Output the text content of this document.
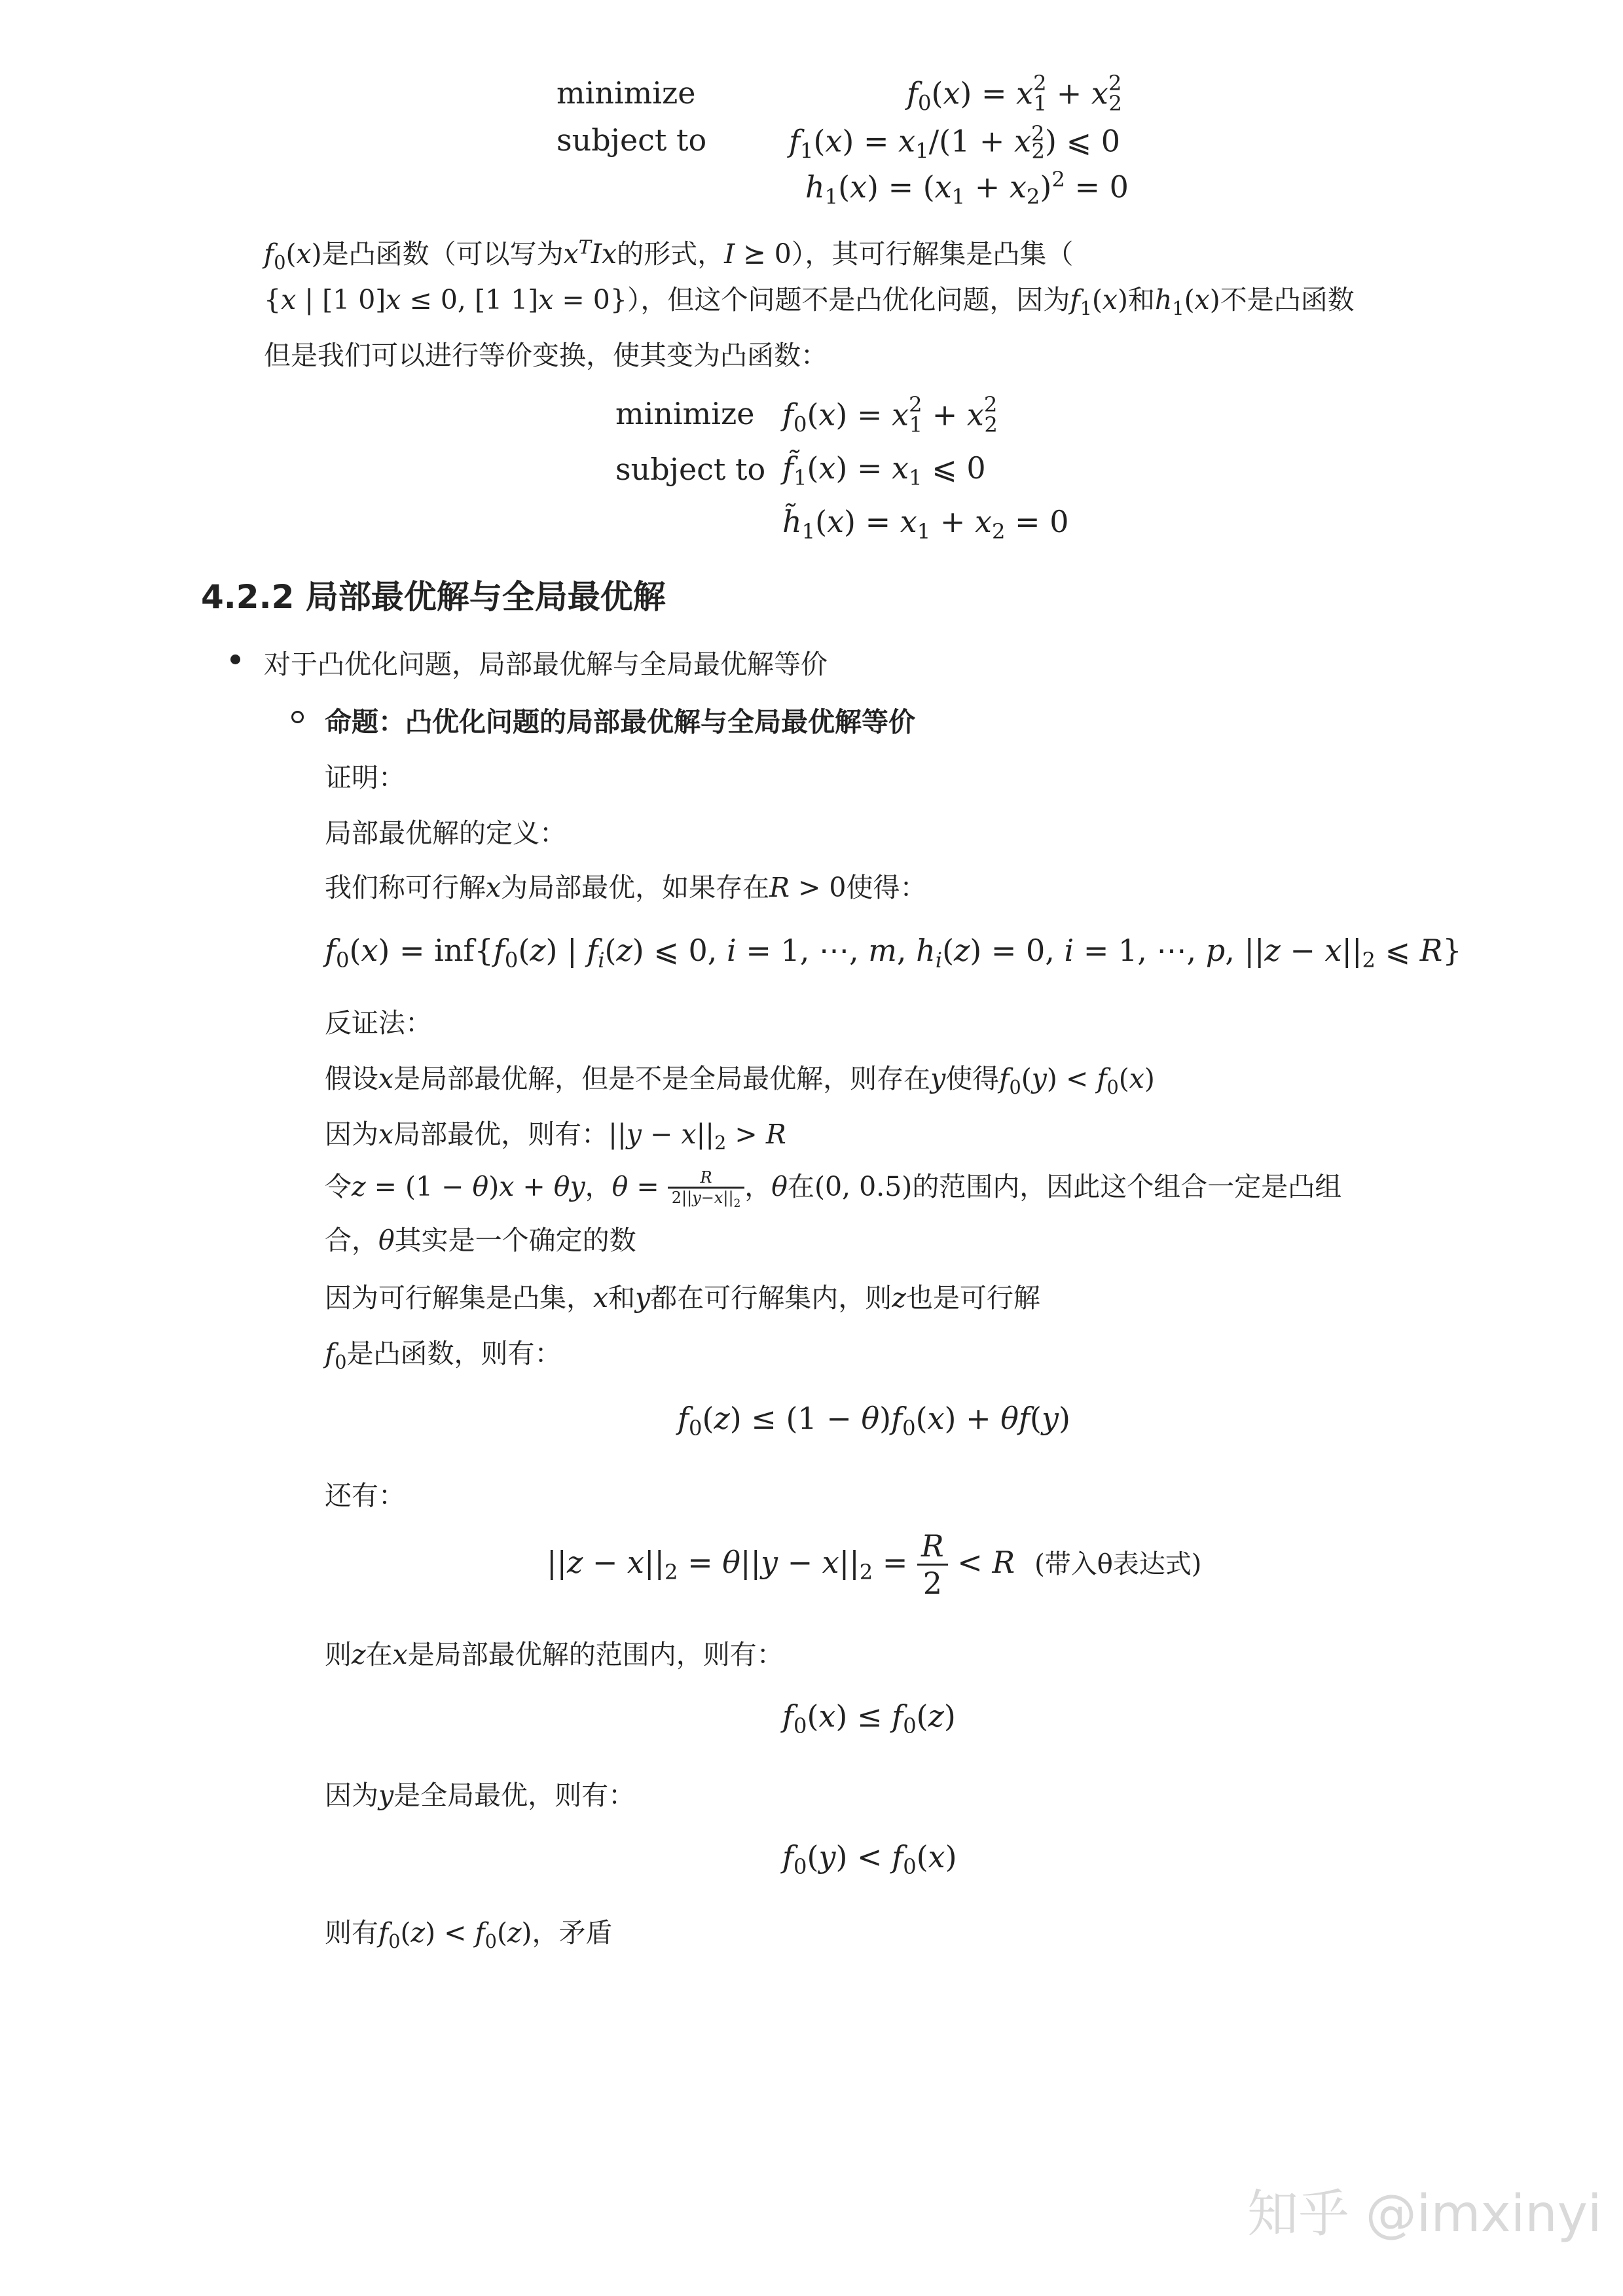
minimize
subject to
$f_0(x) = x^2_1 + x^2_2$
$f_1(x) = x_1/(1 + x^2_2)$ ⩽ 0
$h_1(x) = (x_1 + x_2)^2 = 0$
$f_0(x)$是凸函数（可以写为$x^TIx$的形式，I ⪰ 0），其可行解集是凸集（
{x | [1 0]x ≤ 0, [1 1]x = 0}），但这个问题不是凸优化问题，因为$f_1(x)$和$h_1(x)$不是凸函数
但是我们可以进行等价变换，使其变为凸函数：
minimize
subject to
$f_0(x) = x^2_1 + x^2_2$
$f̃_1(x) = x_1$ ⩽ 0
$h̃_1(x) = x_1 + x_2 = 0$
4.2.2 局部最优解与全局最优解
对于凸优化问题，局部最优解与全局最优解等价
命题：凸优化问题的局部最优解与全局最优解等价
证明：
局部最优解的定义：
我们称可行解x为局部最优，如果存在R > 0使得：
$f_0(x) = inf\{f_0(z)$ | $f_i(z)$ ⩽ 0, i = 1, ⋯, m, $h_i(z) = 0$, i = 1, ⋯, p, $||z - x||_2$ ⩽ R}
反证法：
假设x是局部最优解，但是不是全局最优解，则存在y使得$f_0(y) < f_0(x)$
因为x局部最优，则有：$||y - x||_2 > R$
令z = (1 − θ)x + θy，$\theta = \frac{R}{2||y-x||_2}$ ，θ在(0, 0.5)的范围内，因此这个组合一定是凸组
合，θ其实是一个确定的数
因为可行解集是凸集，x和y都在可行解集内，则z也是可行解
$f_0$是凸函数，则有：
$f_0(z) \le (1 - \theta)f_0(x) + \theta f(y)$
还有：
$||z - x||_2 = \theta||y - x||_2 = \frac{R}{2} < R$ (带入θ表达式)
则z在x是局部最优解的范围内，则有：
$f_0(x) \le f_0(z)$
因为y是全局最优，则有：
$f_0(y) < f_0(x)$
则有$f_0(z) < f_0(z)$，矛盾
知乎 @imxinyi
